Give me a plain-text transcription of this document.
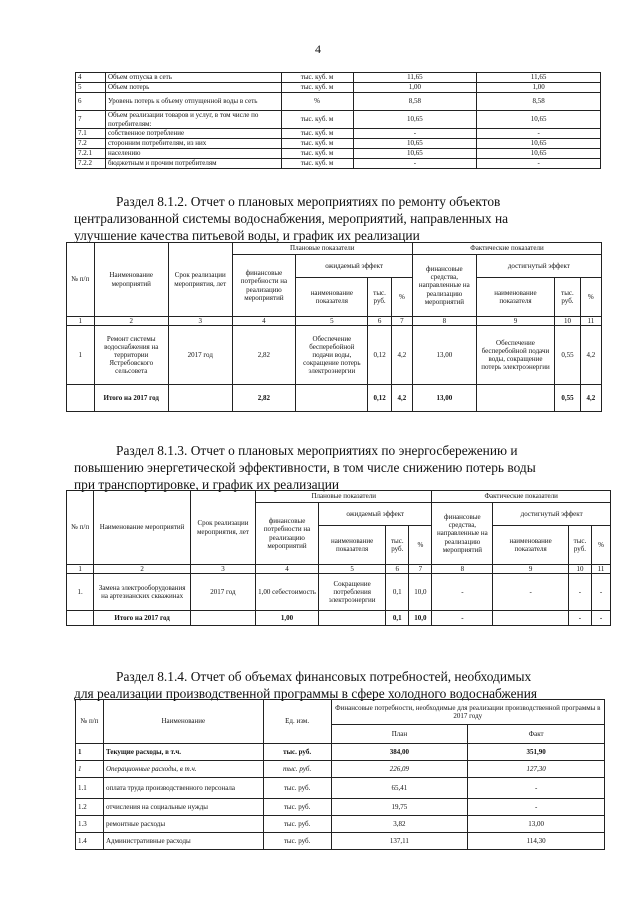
4
4	Объем отпуска в сеть	тыс. куб. м	11,65	11,65
5	Объем потерь	тыс. куб. м	1,00	1,00
6	Уровень потерь к объему отпущенной воды в сеть	%	8,58	8,58
7	Объем реализации товаров и услуг, в том числе по потребителям:	тыс. куб. м	10,65	10,65
7.1	собственное потребление	тыс. куб. м	-	-
7.2	сторонним потребителям, из них	тыс. куб. м	10,65	10,65
7.2.1	населению	тыс. куб. м	10,65	10,65
7.2.2	бюджетным и прочим потребителям	тыс. куб. м	-	-
Раздел 8.1.2. Отчет о плановых мероприятиях по ремонту объектов
централизованной системы водоснабжения, мероприятий, направленных на
улучшение качества питьевой воды, и график их реализации
№ п/п	Наименование мероприятий	Срок реализации мероприятия, лет	Плановые показатели				Фактические показатели			
			финансовые потребности на реализацию мероприятий	ожидаемый эффект			финансовые средства, направленные на реализацию мероприятий	достигнутый эффект		
				наименование показателя	тыс. руб.	%		наименование показателя	тыс. руб.	%
1	2	3	4	5	6	7	8	9	10	11
1	Ремонт системы водоснабжения на территории Ястребовского сельсовета	2017 год	2,82	Обеспечение бесперебойной подачи воды, сокращение потерь электроэнергии	0,12	4,2	13,00	Обеспечение бесперебойной подачи воды, сокращение потерь электроэнергии	0,55	4,2
	Итого на 2017 год		2,82		0,12	4,2	13,00		0,55	4,2
Раздел 8.1.3. Отчет о плановых мероприятиях по энергосбережению и
повышению энергетической эффективности, в том числе снижению потерь воды
при транспортировке, и график их реализации
№ п/п	Наименование мероприятий	Срок реализации мероприятия, лет	Плановые показатели				Фактические показатели			
			финансовые потребности на реализацию мероприятий	ожидаемый эффект			финансовые средства, направленные на реализацию мероприятий	достигнутый эффект		
				наименование показателя	тыс. руб.	%		наименование показателя	тыс. руб.	%
1	2	3	4	5	6	7	8	9	10	11
1.	Замена электрооборудования на артезианских скважинах	2017 год	1,00 себестоимость	Сокращение потребления электроэнергии	0,1	10,0	-	-	-	-
	Итого на 2017 год		1,00		0,1	10,0	-		-	-
Раздел 8.1.4. Отчет об объемах финансовых потребностей, необходимых
для реализации производственной программы в сфере холодного водоснабжения
№ п/п	Наименование	Ед. изм.	Финансовые потребности, необходимые для реализации производственной программы в 2017 году	
			План	Факт
1	Текущие расходы, в т.ч.	тыс. руб.	384,00	351,90
1	Операционные расходы, в т.ч.	тыс. руб.	226,09	127,30
1.1	оплата труда производственного персонала	тыс. руб.	65,41	-
1.2	отчисления на социальные нужды	тыс. руб.	19,75	-
1.3	ремонтные расходы	тыс. руб.	3,82	13,00
1.4	Административные расходы	тыс. руб.	137,11	114,30
